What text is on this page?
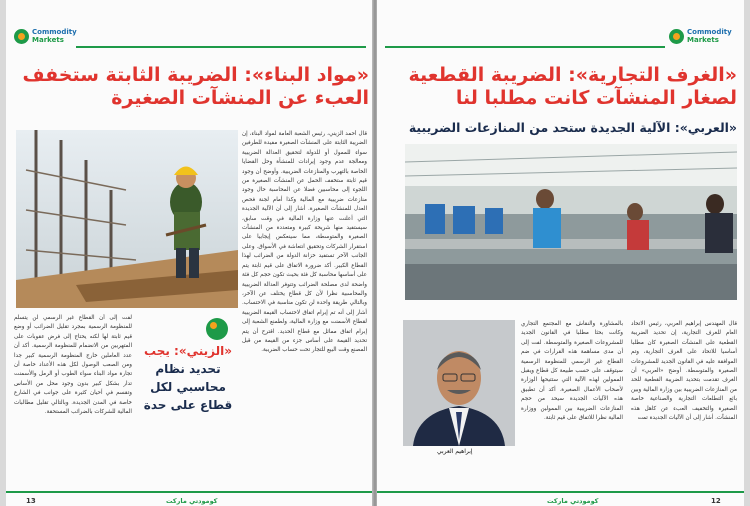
Commodity
Markets
«مواد البناء»: الضريبة الثابتة ستخفف العبء عن المنشآت الصغيرة

قال أحمد الزيني، رئيس الشعبة العامة لمواد البناء، إن الضريبة الثابتة على المنشآت الصغيرة مفيدة للطرفين سواء للممول أو للدولة لتحقيق العدالة الضريبية ومعالجة عدم وجود إيرادات للمنشأة وحل القضايا الخاصة بالتهرب والمنازعات الضريبية. وأوضح أن وجود قيم ثابتة ستخفف الحمل عن المنشآت الصغيرة من اللجوء إلى محاسبين فضلا عن المحاسبة حال وجود منازعات ضريبية مع المالية وكذا أمام لجنة فحص العدل للمنشآت الصغيرة. أشار إلى أن الآلية الجديدة التي أعلنت عنها وزارة المالية في وقت سابق، سيستفيد منها شريحة كبيرة ومتعددة من المنشآت الصغيرة والمتوسطة، مما سينعكس إيجابيا على استقرار الشركات وتحقيق انتعاشة في الأسواق. وعلى الجانب الآخر تستفيد خزانة الدولة من الضرائب لهذا القطاع الكبير. أكد ضرورة الاتفاق على قيم ثابتة يتم على أساسها محاسبة كل فئة بحيث تكون حجم كل فئة واضحة لدى مصلحة الضرائب وتتوفر العدالة الضريبية والمحاسبية نظرا لأن كل قطاع يختلف عن الآخر، وبالتالي طريقة واحدة لن تكون مناسبة في الاحتساب. أشار إلى أنه تم إبرام اتفاق لاحتساب القيمة الضريبية لقطاع الأسمنت مع وزارة المالية، ولطمنع الشعبة إلى إبرام اتفاق مماثل مع قطاع الحديد. اقترح أن يتم تحديد القيمة على أساس جزء من القيمة من قبل المصنع وقت البيع للتجار تحت حساب الضريبة.

«الزيني»: يجب
تحديد نظام محاسبي لكل قطاع على حدة

لفت إلى أن القطاع غير الرسمي لن يتسلم للمنظومة الرسمية بمجرد تقليل الضرائب أو وضع قيم ثابتة لها لكنه يحتاج إلى فرض عقوبات على المتهربين من الانضمام للمنظومة الرسمية. أكد أن عدد العاملين خارج المنظومة الرسمية كبير جدا ومن الصعب الوصول لكل هذه الأعداد خاصة أن تجارة مواد البناء سواء الطوب أو الرمل والأسمنت تدار بشكل كبير بدون وجود محل من الأساس وتقسم في أحيان كثيرة على جوانب في الشارع خاصة في المدن الجديدة. وبالتالي تقليل مطالبات المالية للشركات بالضرائب المستحقة.

13	كومودتي ماركت
Commodity
Markets
«الغرف التجارية»: الضريبة القطعية لصغار المنشآت كانت مطلبا لنا
«العربي»: الآلية الجديدة ستحد من المنازعات الضريبية
إبراهيم العربي

بالمشاورة والنقاش مع المجتمع التجاري وكانت بحثا مطلبا في القانون الجديد للمشروعات الصغيرة والمتوسطة. لفت إلى أن مدى مساهمة هذه القرارات في ضم القطاع غير الرسمي للمنظومة الرسمية سيتوقف على حسب طبيعة كل قطاع ويقبل الممولين لهذه الآلية التي ستتيحها الوزارة لأصحاب الأعمال الصغيرة. أكد أن تطبيق هذه الآليات الجديدة سيحد من حجم المنازعات الضريبية بين الممولين ووزارة المالية نظرا للاتفاق على قيم ثابتة.

قال المهندس إبراهيم العربي، رئيس الاتحاد العام للغرف التجارية، إن تحديد الضريبة القطعية على المنشآت الصغيرة كان مطلبا أساسيا للاتحاد على الغرف التجارية، وتم الموافقة عليه في القانون الجديد للمشروعات الصغيرة والمتوسطة. أوضح «العربي» أن الغرف تقدمت بتحديد الضريبة القطعية للحد من المنازعات الضريبية بين وزارة المالية وبين بائع التطلعات التجارية والصناعية خاصة الصغيرة والتخفيف العبء عن كاهل هذه المنشآت. أشار إلى أن الآليات الجديدة تمت

كومودتي ماركت	12
